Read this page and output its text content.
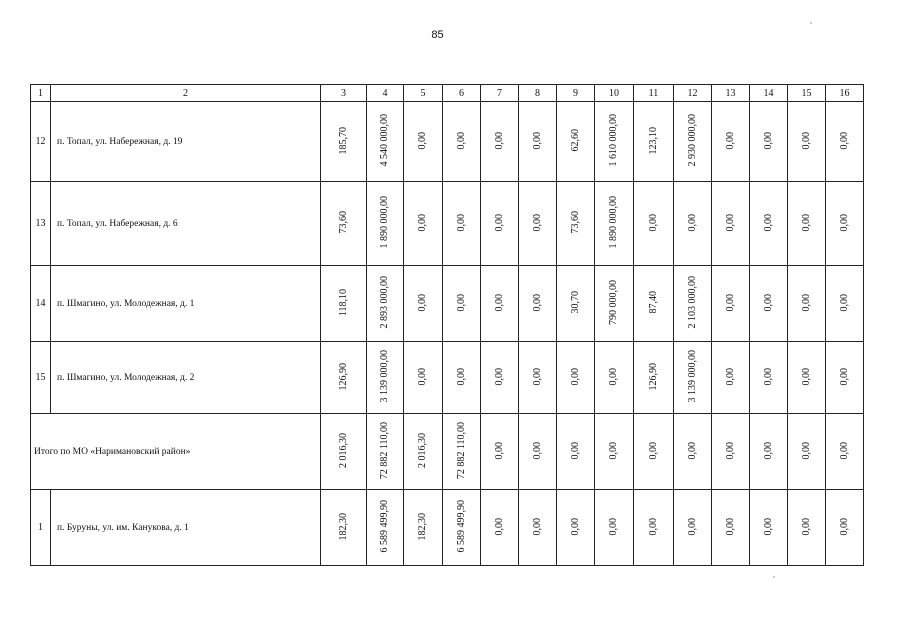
85
1	2	3	4	5	6	7	8	9	10	11	12	13	14	15	16
12	п. Топал, ул. Набережная, д. 19	185,70	4 540 000,00	0,00	0,00	0,00	0,00	62,60	1 610 000,00	123,10	2 930 000,00	0,00	0,00	0,00	0,00
13	п. Топал, ул. Набережная, д. 6	73,60	1 890 000,00	0,00	0,00	0,00	0,00	73,60	1 890 000,00	0,00	0,00	0,00	0,00	0,00	0,00
14	п. Шмагино, ул. Молодежная, д. 1	118,10	2 893 000,00	0,00	0,00	0,00	0,00	30,70	790 000,00	87,40	2 103 000,00	0,00	0,00	0,00	0,00
15	п. Шмагино, ул. Молодежная, д. 2	126,90	3 139 000,00	0,00	0,00	0,00	0,00	0,00	0,00	126,90	3 139 000,00	0,00	0,00	0,00	0,00
Итого по МО «Наримановский район»		2 016,30	72 882 110,00	2 016,30	72 882 110,00	0,00	0,00	0,00	0,00	0,00	0,00	0,00	0,00	0,00	0,00
1	п. Буруны, ул. им. Канукова, д. 1	182,30	6 589 499,90	182,30	6 589 499,90	0,00	0,00	0,00	0,00	0,00	0,00	0,00	0,00	0,00	0,00
